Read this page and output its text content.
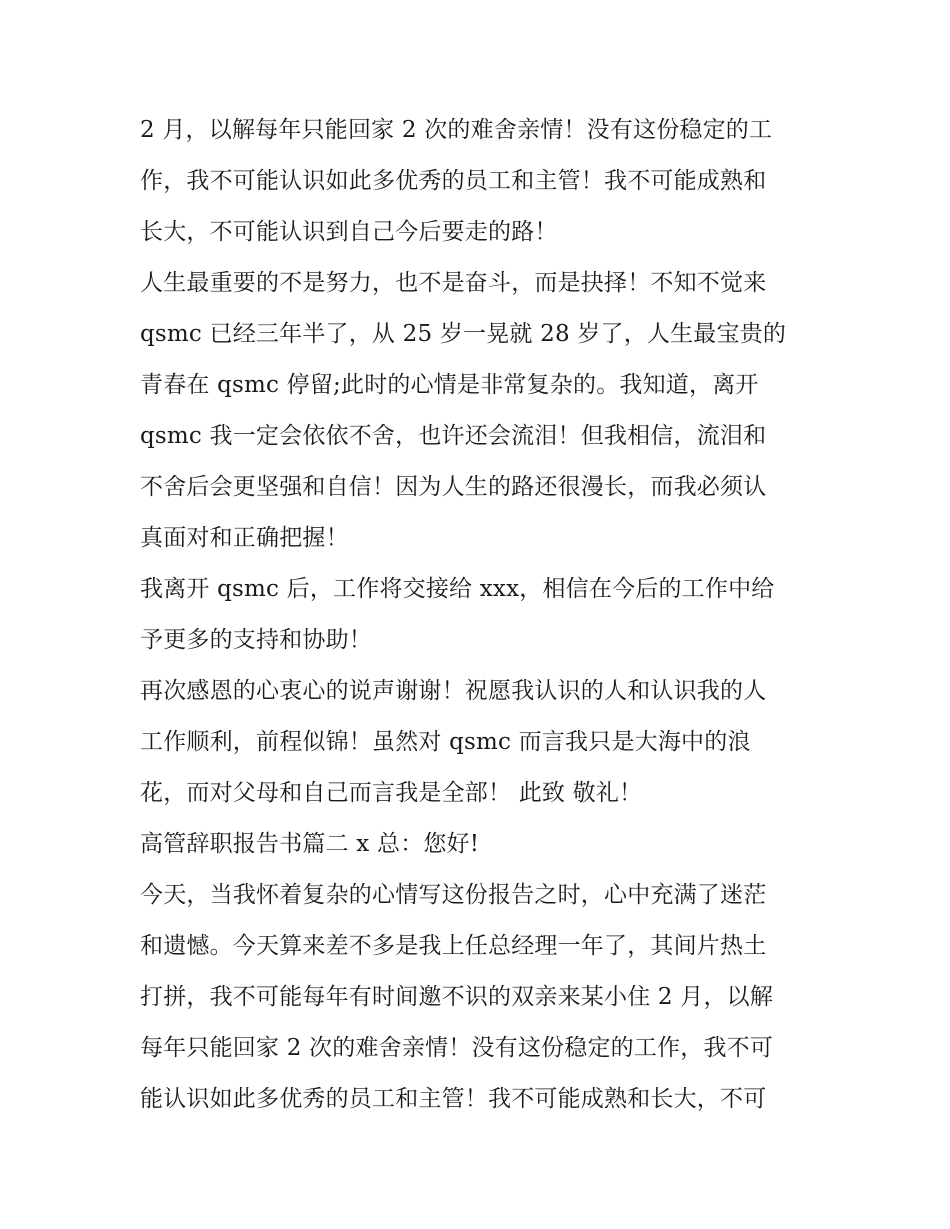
2 月，以解每年只能回家 2 次的难舍亲情！没有这份稳定的工
作，我不可能认识如此多优秀的员工和主管！我不可能成熟和
长大，不可能认识到自己今后要走的路！
人生最重要的不是努力，也不是奋斗，而是抉择！不知不觉来
qsmc 已经三年半了，从 25 岁一晃就 28 岁了，人生最宝贵的
青春在 qsmc 停留;此时的心情是非常复杂的。我知道，离开
qsmc 我一定会依依不舍，也许还会流泪！但我相信，流泪和
不舍后会更坚强和自信！因为人生的路还很漫长，而我必须认
真面对和正确把握！
我离开 qsmc 后，工作将交接给 xxx，相信在今后的工作中给
予更多的支持和协助！
再次感恩的心衷心的说声谢谢！祝愿我认识的人和认识我的人
工作顺利，前程似锦！虽然对 qsmc 而言我只是大海中的浪
花，而对父母和自己而言我是全部！ 此致 敬礼！
高管辞职报告书篇二 x 总：您好!
今天，当我怀着复杂的心情写这份报告之时，心中充满了迷茫
和遗憾。今天算来差不多是我上任总经理一年了，其间片热土
打拼，我不可能每年有时间邀不识的双亲来某小住 2 月，以解
每年只能回家 2 次的难舍亲情！没有这份稳定的工作，我不可
能认识如此多优秀的员工和主管！我不可能成熟和长大，不可
